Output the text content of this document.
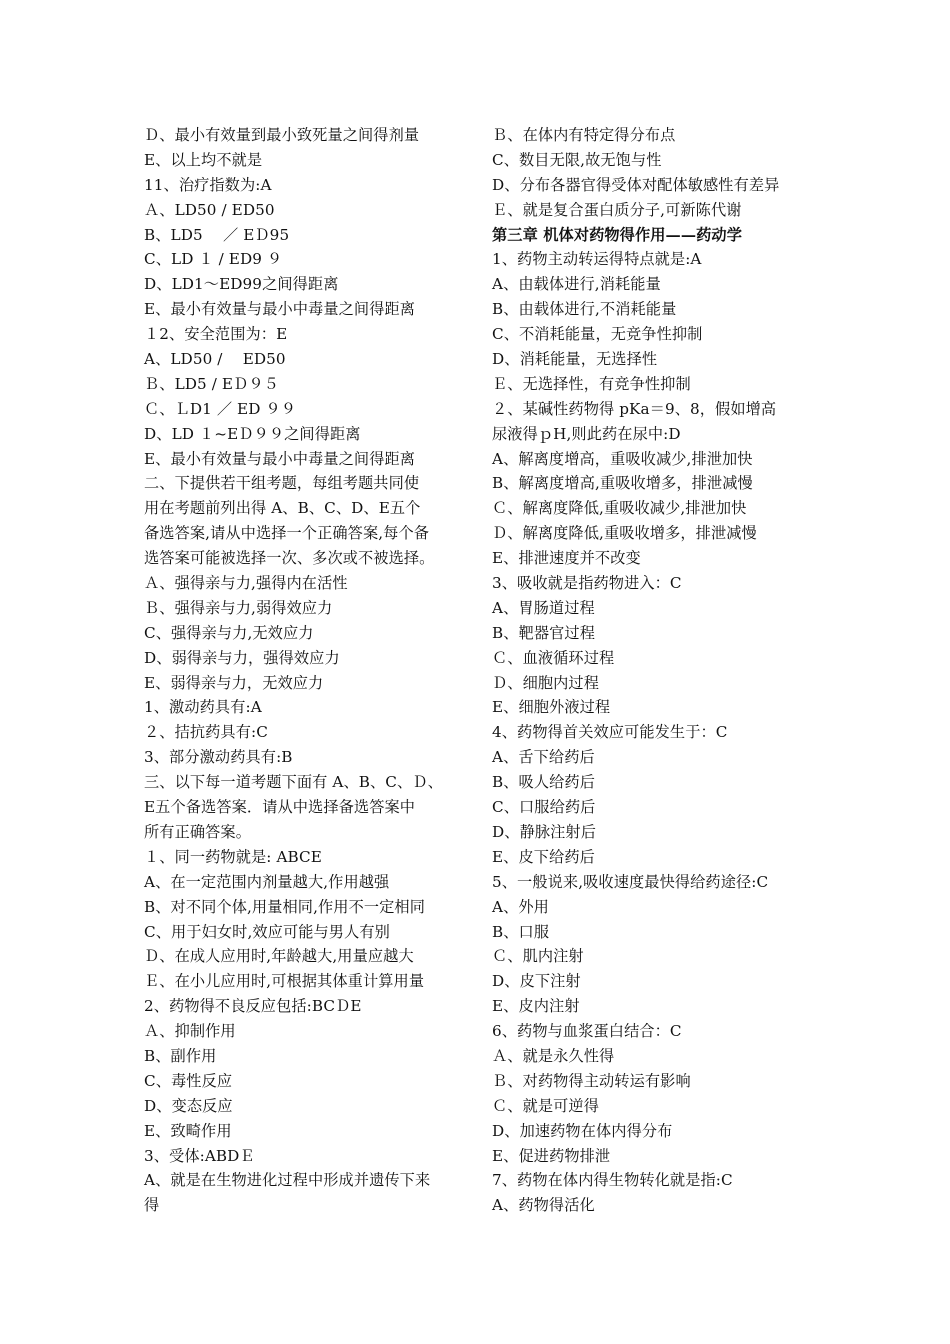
Ｄ、最小有效量到最小致死量之间得剂量
E、以上均不就是
11、治疗指数为:A
Ａ、LD50 / ED50
B、LD5　 ／ EＤ95
C、LD １ / ED9 ９
D、LD1～ED99之间得距离
E、最小有效量与最小中毒量之间得距离
１2、安全范围为：E
A、LD50 / 　ED50
Ｂ、LD5 / EＤ９５
Ｃ、ＬD1 ／ ED ９９
D、LD １~EＤ９９之间得距离
E、最小有效量与最小中毒量之间得距离
二、下提供若干组考题，每组考题共同使
用在考题前列出得 A、B、C、D、E五个
备选答案,请从中选择一个正确答案,每个备
选答案可能被选择一次、多次或不被选择。
Ａ、强得亲与力,强得内在活性
Ｂ、强得亲与力,弱得效应力
C、强得亲与力,无效应力
D、弱得亲与力，强得效应力
E、弱得亲与力，无效应力
1、激动药具有:A
２、拮抗药具有:C
3、部分激动药具有:B
三、以下每一道考题下面有 A、B、C、Ｄ、
E五个备选答案．请从中选择备选答案中
所有正确答案。
１、同一药物就是: ABCE
A、在一定范围内剂量越大,作用越强
B、对不同个体,用量相同,作用不一定相同
C、用于妇女时,效应可能与男人有别
Ｄ、在成人应用时,年龄越大,用量应越大
Ｅ、在小儿应用时,可根据其体重计算用量
2、药物得不良反应包括:BCＤE
Ａ、抑制作用
B、副作用
C、毒性反应
D、变态反应
E、致畸作用
3、受体:ABDＥ
A、就是在生物进化过程中形成并遗传下来
得
Ｂ、在体内有特定得分布点
C、数目无限,故无饱与性
D、分布各器官得受体对配体敏感性有差异
Ｅ、就是复合蛋白质分子,可新陈代谢
第三章 机体对药物得作用——药动学
1、药物主动转运得特点就是:A
A、由载体进行,消耗能量
B、由载体进行,不消耗能量
C、不消耗能量，无竞争性抑制
D、消耗能量，无选择性
Ｅ、无选择性，有竞争性抑制
２、某碱性药物得 pKa＝9、8，假如增高
尿液得ｐH,则此药在尿中:D
A、解离度增高，重吸收减少,排泄加快
B、解离度增高,重吸收增多，排泄减慢
Ｃ、解离度降低,重吸收减少,排泄加快
Ｄ、解离度降低,重吸收增多，排泄减慢
E、排泄速度并不改变
3、吸收就是指药物进入：C
A、胃肠道过程
B、靶器官过程
Ｃ、血液循环过程
Ｄ、细胞内过程
E、细胞外液过程
4、药物得首关效应可能发生于：C
A、舌下给药后
B、吸人给药后
C、口服给药后
D、静脉注射后
E、皮下给药后
5、一般说来,吸收速度最快得给药途径:C
A、外用
B、口服
Ｃ、肌内注射
D、皮下注射
E、皮内注射
6、药物与血浆蛋白结合：C
Ａ、就是永久性得
Ｂ、对药物得主动转运有影响
Ｃ、就是可逆得
D、加速药物在体内得分布
E、促进药物排泄
7、药物在体内得生物转化就是指:C
A、药物得活化
